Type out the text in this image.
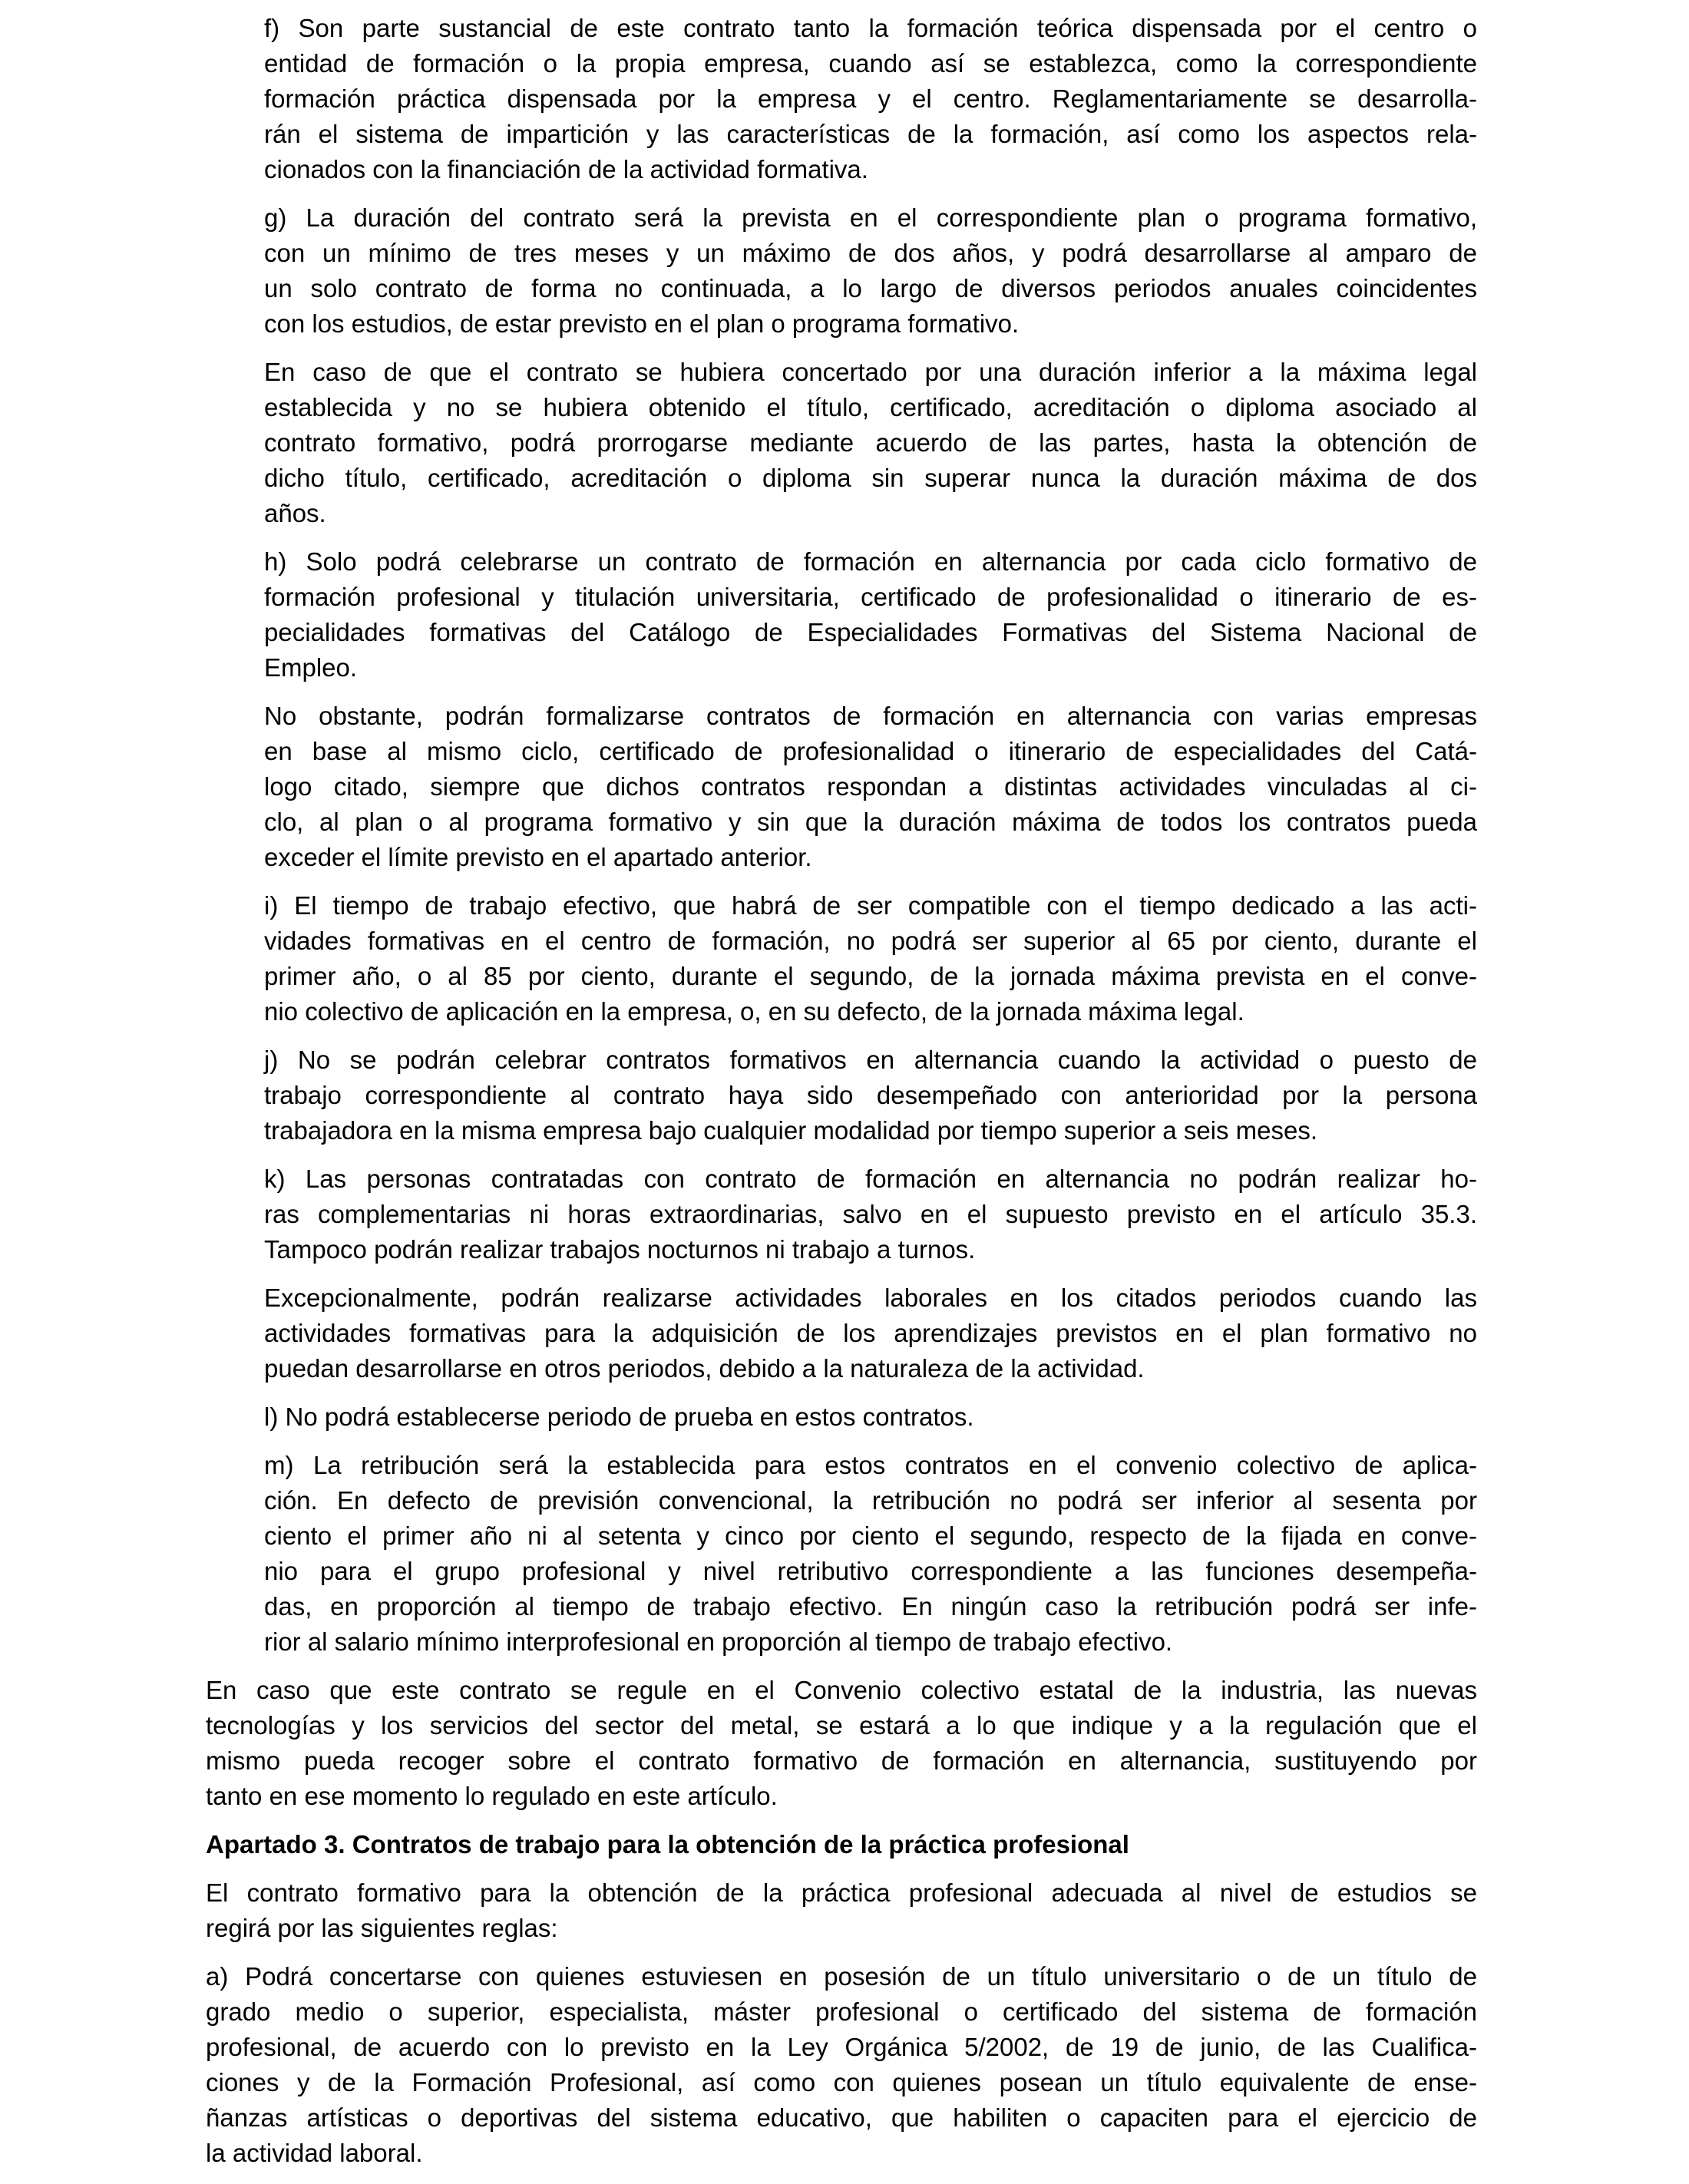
f) Son parte sustancial de este contrato tanto la formación teórica dispensada por el centro o
entidad de formación o la propia empresa, cuando así se establezca, como la correspondiente
formación práctica dispensada por la empresa y el centro. Reglamentariamente se desarrolla-
rán el sistema de impartición y las características de la formación, así como los aspectos rela-
cionados con la financiación de la actividad formativa.
g) La duración del contrato será la prevista en el correspondiente plan o programa formativo,
con un mínimo de tres meses y un máximo de dos años, y podrá desarrollarse al amparo de
un solo contrato de forma no continuada, a lo largo de diversos periodos anuales coincidentes
con los estudios, de estar previsto en el plan o programa formativo.
En caso de que el contrato se hubiera concertado por una duración inferior a la máxima legal
establecida y no se hubiera obtenido el título, certificado, acreditación o diploma asociado al
contrato formativo, podrá prorrogarse mediante acuerdo de las partes, hasta la obtención de
dicho título, certificado, acreditación o diploma sin superar nunca la duración máxima de dos
años.
h) Solo podrá celebrarse un contrato de formación en alternancia por cada ciclo formativo de
formación profesional y titulación universitaria, certificado de profesionalidad o itinerario de es-
pecialidades formativas del Catálogo de Especialidades Formativas del Sistema Nacional de
Empleo.
No obstante, podrán formalizarse contratos de formación en alternancia con varias empresas
en base al mismo ciclo, certificado de profesionalidad o itinerario de especialidades del Catá-
logo citado, siempre que dichos contratos respondan a distintas actividades vinculadas al ci-
clo, al plan o al programa formativo y sin que la duración máxima de todos los contratos pueda
exceder el límite previsto en el apartado anterior.
i) El tiempo de trabajo efectivo, que habrá de ser compatible con el tiempo dedicado a las acti-
vidades formativas en el centro de formación, no podrá ser superior al 65 por ciento, durante el
primer año, o al 85 por ciento, durante el segundo, de la jornada máxima prevista en el conve-
nio colectivo de aplicación en la empresa, o, en su defecto, de la jornada máxima legal.
j) No se podrán celebrar contratos formativos en alternancia cuando la actividad o puesto de
trabajo correspondiente al contrato haya sido desempeñado con anterioridad por la persona
trabajadora en la misma empresa bajo cualquier modalidad por tiempo superior a seis meses.
k) Las personas contratadas con contrato de formación en alternancia no podrán realizar ho-
ras complementarias ni horas extraordinarias, salvo en el supuesto previsto en el artículo 35.3.
Tampoco podrán realizar trabajos nocturnos ni trabajo a turnos.
Excepcionalmente, podrán realizarse actividades laborales en los citados periodos cuando las
actividades formativas para la adquisición de los aprendizajes previstos en el plan formativo no
puedan desarrollarse en otros periodos, debido a la naturaleza de la actividad.
l) No podrá establecerse periodo de prueba en estos contratos.
m) La retribución será la establecida para estos contratos en el convenio colectivo de aplica-
ción. En defecto de previsión convencional, la retribución no podrá ser inferior al sesenta por
ciento el primer año ni al setenta y cinco por ciento el segundo, respecto de la fijada en conve-
nio para el grupo profesional y nivel retributivo correspondiente a las funciones desempeña-
das, en proporción al tiempo de trabajo efectivo. En ningún caso la retribución podrá ser infe-
rior al salario mínimo interprofesional en proporción al tiempo de trabajo efectivo.
En caso que este contrato se regule en el Convenio colectivo estatal de la industria, las nuevas
tecnologías y los servicios del sector del metal, se estará a lo que indique y a la regulación que el
mismo pueda recoger sobre el contrato formativo de formación en alternancia, sustituyendo por
tanto en ese momento lo regulado en este artículo.
Apartado 3. Contratos de trabajo para la obtención de la práctica profesional
El contrato formativo para la obtención de la práctica profesional adecuada al nivel de estudios se
regirá por las siguientes reglas:
a) Podrá concertarse con quienes estuviesen en posesión de un título universitario o de un título de
grado medio o superior, especialista, máster profesional o certificado del sistema de formación
profesional, de acuerdo con lo previsto en la Ley Orgánica 5/2002, de 19 de junio, de las Cualifica-
ciones y de la Formación Profesional, así como con quienes posean un título equivalente de ense-
ñanzas artísticas o deportivas del sistema educativo, que habiliten o capaciten para el ejercicio de
la actividad laboral.
